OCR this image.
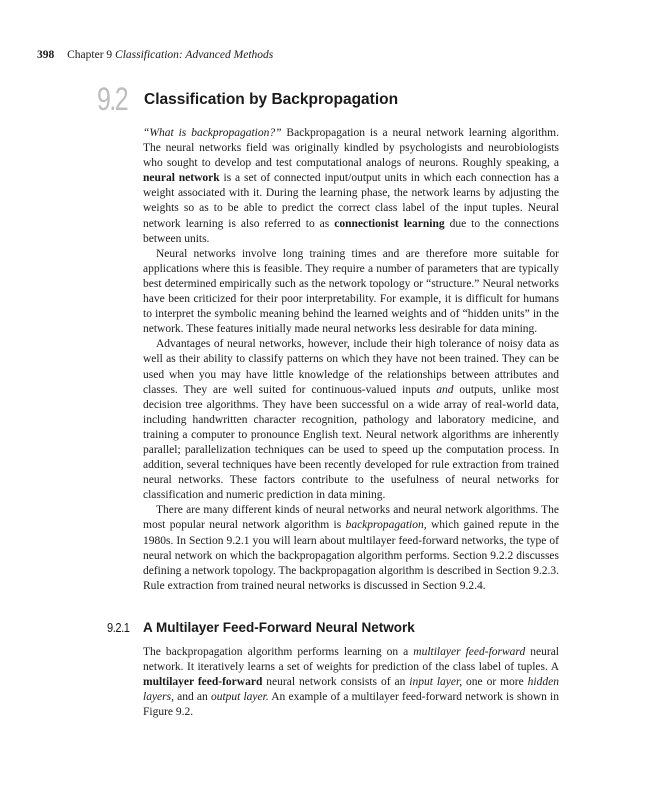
398 Chapter 9 Classification: Advanced Methods
9.2 Classification by Backpropagation

“What is backpropagation?” Backpropagation is a neural network learning algorithm. The neural networks field was originally kindled by psychologists and neurobiologists who sought to develop and test computational analogs of neurons. Roughly speaking, a neural network is a set of connected input/output units in which each connection has a weight associated with it. During the learning phase, the network learns by adjusting the weights so as to be able to predict the correct class label of the input tuples. Neural network learning is also referred to as connectionist learning due to the connections between units.

Neural networks involve long training times and are therefore more suitable for applications where this is feasible. They require a number of parameters that are typically best determined empirically such as the network topology or “structure.” Neural networks have been criticized for their poor interpretability. For example, it is difficult for humans to interpret the symbolic meaning behind the learned weights and of “hidden units” in the network. These features initially made neural networks less desirable for data mining.

Advantages of neural networks, however, include their high tolerance of noisy data as well as their ability to classify patterns on which they have not been trained. They can be used when you may have little knowledge of the relationships between attributes and classes. They are well suited for continuous-valued inputs and outputs, unlike most decision tree algorithms. They have been successful on a wide array of real-world data, including handwritten character recognition, pathology and laboratory medicine, and training a computer to pronounce English text. Neural network algorithms are inherently parallel; parallelization techniques can be used to speed up the computation process. In addition, several techniques have been recently developed for rule extraction from trained neural networks. These factors contribute to the usefulness of neural networks for classification and numeric prediction in data mining.

There are many different kinds of neural networks and neural network algorithms. The most popular neural network algorithm is backpropagation, which gained repute in the 1980s. In Section 9.2.1 you will learn about multilayer feed-forward networks, the type of neural network on which the backpropagation algorithm performs. Section 9.2.2 discusses defining a network topology. The backpropagation algorithm is described in Section 9.2.3. Rule extraction from trained neural networks is discussed in Section 9.2.4.

9.2.1 A Multilayer Feed-Forward Neural Network

The backpropagation algorithm performs learning on a multilayer feed-forward neural network. It iteratively learns a set of weights for prediction of the class label of tuples. A multilayer feed-forward neural network consists of an input layer, one or more hidden layers, and an output layer. An example of a multilayer feed-forward network is shown in Figure 9.2.
